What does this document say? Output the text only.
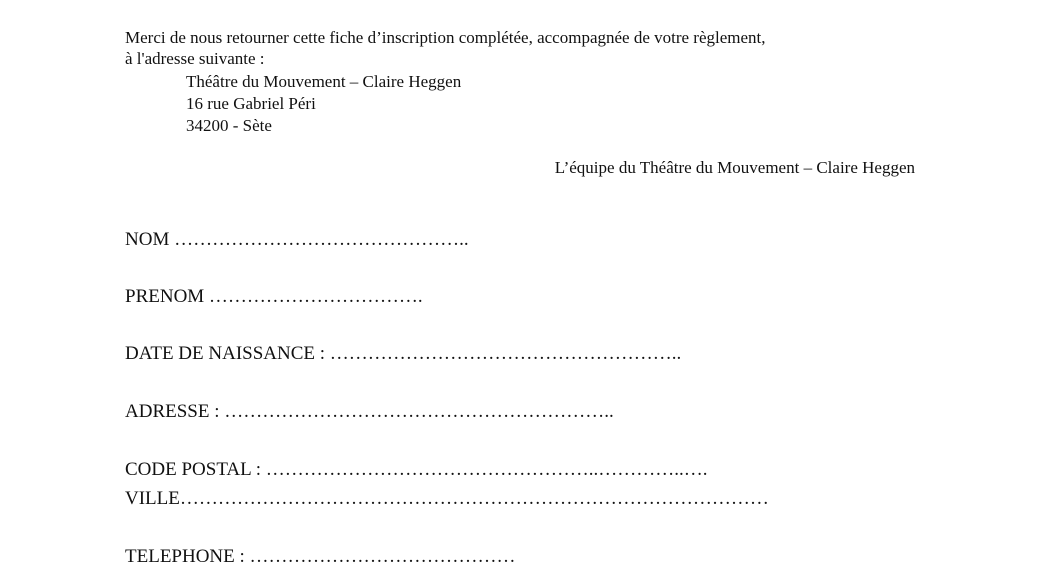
Merci de nous retourner cette fiche d’inscription complétée, accompagnée de votre règlement,
à l'adresse suivante :
Théâtre du Mouvement – Claire Heggen
16 rue Gabriel Péri
34200 - Sète
L’équipe du Théâtre du Mouvement – Claire Heggen
NOM ………………………………………..
PRENOM …………………………….
DATE DE NAISSANCE : ………………………………………………..
ADRESSE : ……………………………………………………..
CODE POSTAL : ……………………………………………..…………..….
VILLE…………………………………………………………………………………
TELEPHONE : ……………………………………
